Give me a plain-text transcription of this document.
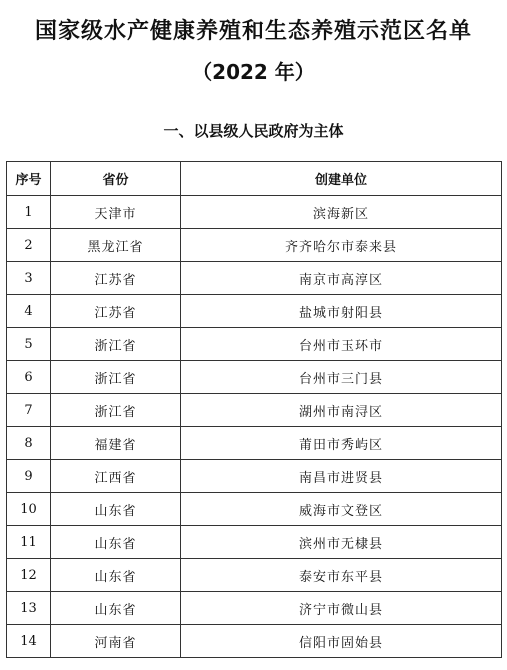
国家级水产健康养殖和生态养殖示范区名单
（2022 年）
一、以县级人民政府为主体
序号	省份	创建单位
1	天津市	滨海新区
2	黑龙江省	齐齐哈尔市泰来县
3	江苏省	南京市高淳区
4	江苏省	盐城市射阳县
5	浙江省	台州市玉环市
6	浙江省	台州市三门县
7	浙江省	湖州市南浔区
8	福建省	莆田市秀屿区
9	江西省	南昌市进贤县
10	山东省	威海市文登区
11	山东省	滨州市无棣县
12	山东省	泰安市东平县
13	山东省	济宁市微山县
14	河南省	信阳市固始县
